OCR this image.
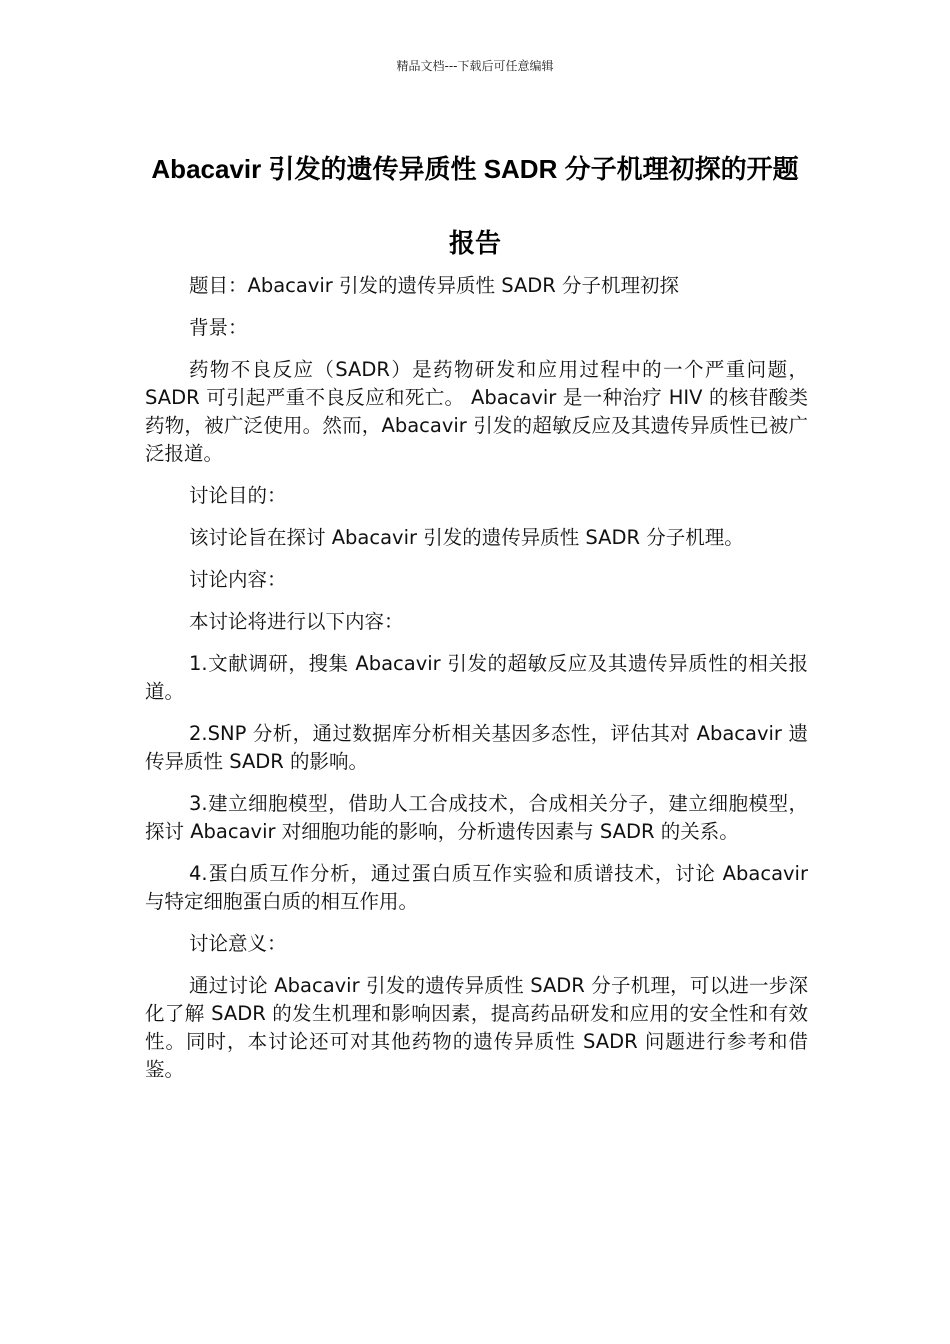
精品文档---下载后可任意编辑
Abacavir 引发的遗传异质性 SADR 分子机理初探的开题报告

题目：Abacavir 引发的遗传异质性 SADR 分子机理初探

背景：

药物不良反应（SADR）是药物研发和应用过程中的一个严重问题，SADR 可引起严重不良反应和死亡。 Abacavir 是一种治疗 HIV 的核苷酸类药物，被广泛使用。然而，Abacavir 引发的超敏反应及其遗传异质性已被广泛报道。

讨论目的：

该讨论旨在探讨 Abacavir 引发的遗传异质性 SADR 分子机理。

讨论内容：

本讨论将进行以下内容：

1.文献调研，搜集 Abacavir 引发的超敏反应及其遗传异质性的相关报道。

2.SNP 分析，通过数据库分析相关基因多态性，评估其对 Abacavir 遗传异质性 SADR 的影响。

3.建立细胞模型，借助人工合成技术，合成相关分子，建立细胞模型，探讨 Abacavir 对细胞功能的影响，分析遗传因素与 SADR 的关系。

4.蛋白质互作分析，通过蛋白质互作实验和质谱技术，讨论 Abacavir 与特定细胞蛋白质的相互作用。

讨论意义：

通过讨论 Abacavir 引发的遗传异质性 SADR 分子机理，可以进一步深化了解 SADR 的发生机理和影响因素，提高药品研发和应用的安全性和有效性。同时，本讨论还可对其他药物的遗传异质性 SADR 问题进行参考和借鉴。
